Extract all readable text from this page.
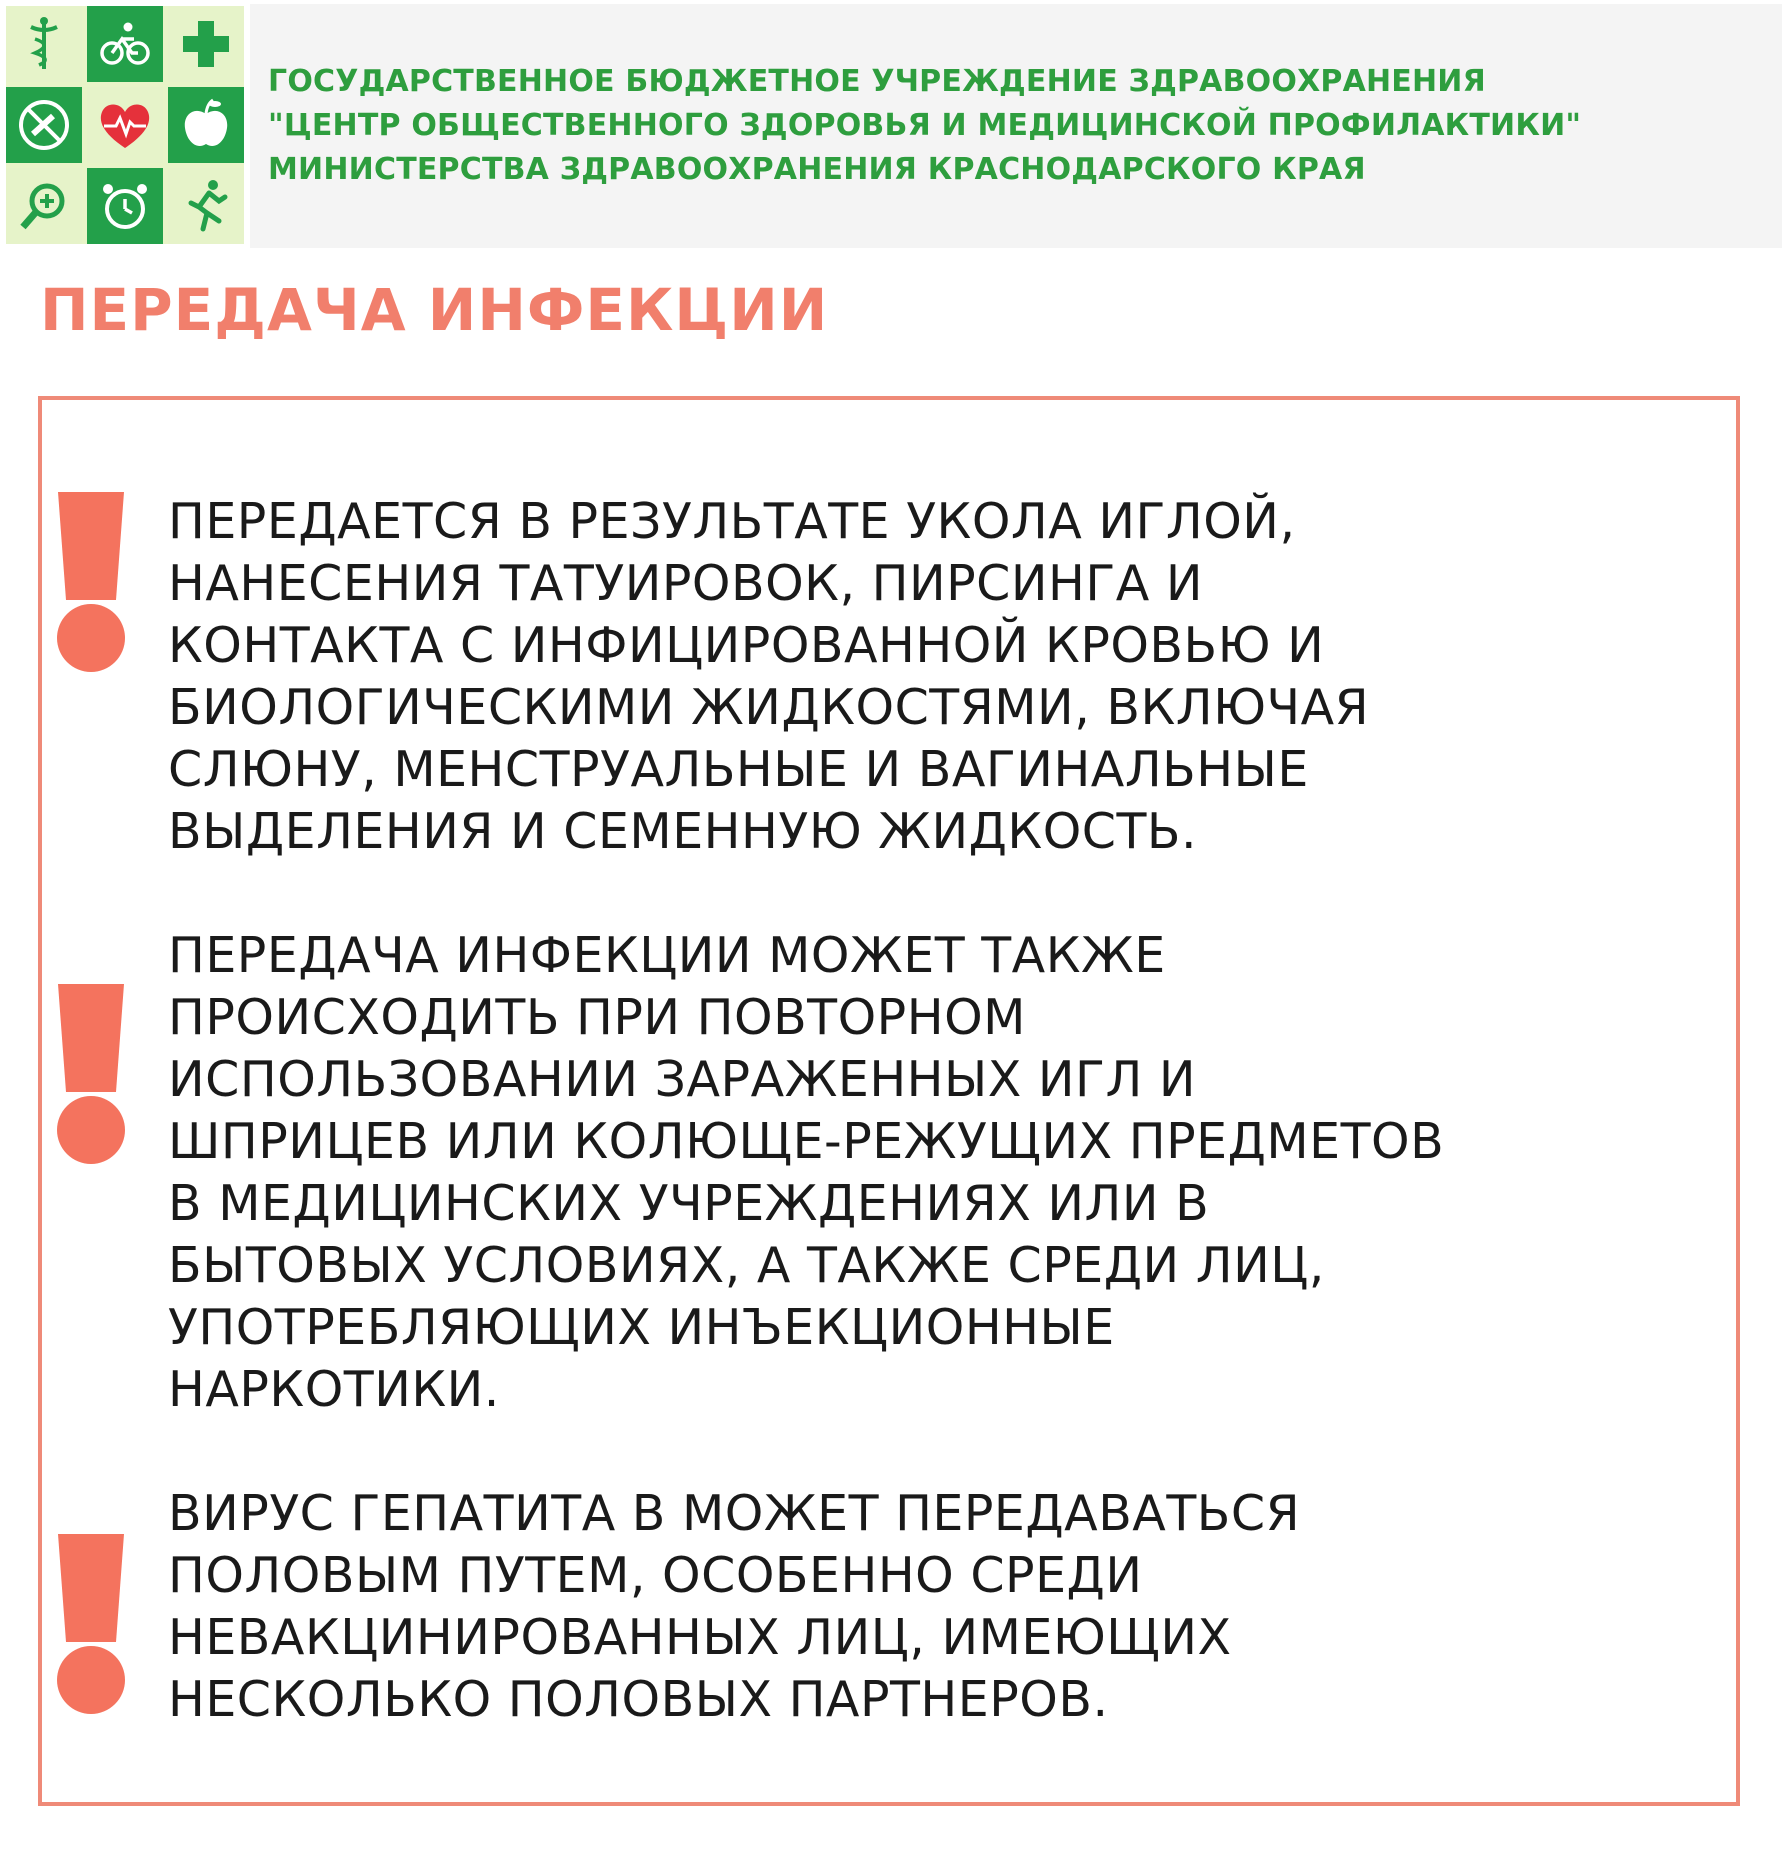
ГОСУДАРСТВЕННОЕ БЮДЖЕТНОЕ УЧРЕЖДЕНИЕ ЗДРАВООХРАНЕНИЯ
"ЦЕНТР ОБЩЕСТВЕННОГО ЗДОРОВЬЯ И МЕДИЦИНСКОЙ ПРОФИЛАКТИКИ"
МИНИСТЕРСТВА ЗДРАВООХРАНЕНИЯ КРАСНОДАРСКОГО КРАЯ
ПЕРЕДАЧА ИНФЕКЦИИ
ПЕРЕДАЕТСЯ В РЕЗУЛЬТАТЕ УКОЛА ИГЛОЙ,
НАНЕСЕНИЯ ТАТУИРОВОК, ПИРСИНГА И
КОНТАКТА С ИНФИЦИРОВАННОЙ КРОВЬЮ И
БИОЛОГИЧЕСКИМИ ЖИДКОСТЯМИ, ВКЛЮЧАЯ
СЛЮНУ, МЕНСТРУАЛЬНЫЕ И ВАГИНАЛЬНЫЕ
ВЫДЕЛЕНИЯ И СЕМЕННУЮ ЖИДКОСТЬ.
ПЕРЕДАЧА ИНФЕКЦИИ МОЖЕТ ТАКЖЕ
ПРОИСХОДИТЬ ПРИ ПОВТОРНОМ
ИСПОЛЬЗОВАНИИ ЗАРАЖЕННЫХ ИГЛ И
ШПРИЦЕВ ИЛИ КОЛЮЩЕ-РЕЖУЩИХ ПРЕДМЕТОВ
В МЕДИЦИНСКИХ УЧРЕЖДЕНИЯХ ИЛИ В
БЫТОВЫХ УСЛОВИЯХ, А ТАКЖЕ СРЕДИ ЛИЦ,
УПОТРЕБЛЯЮЩИХ ИНЪЕКЦИОННЫЕ
НАРКОТИКИ.
ВИРУС ГЕПАТИТА В МОЖЕТ ПЕРЕДАВАТЬСЯ
ПОЛОВЫМ ПУТЕМ, ОСОБЕННО СРЕДИ
НЕВАКЦИНИРОВАННЫХ ЛИЦ, ИМЕЮЩИХ
НЕСКОЛЬКО ПОЛОВЫХ ПАРТНЕРОВ.
